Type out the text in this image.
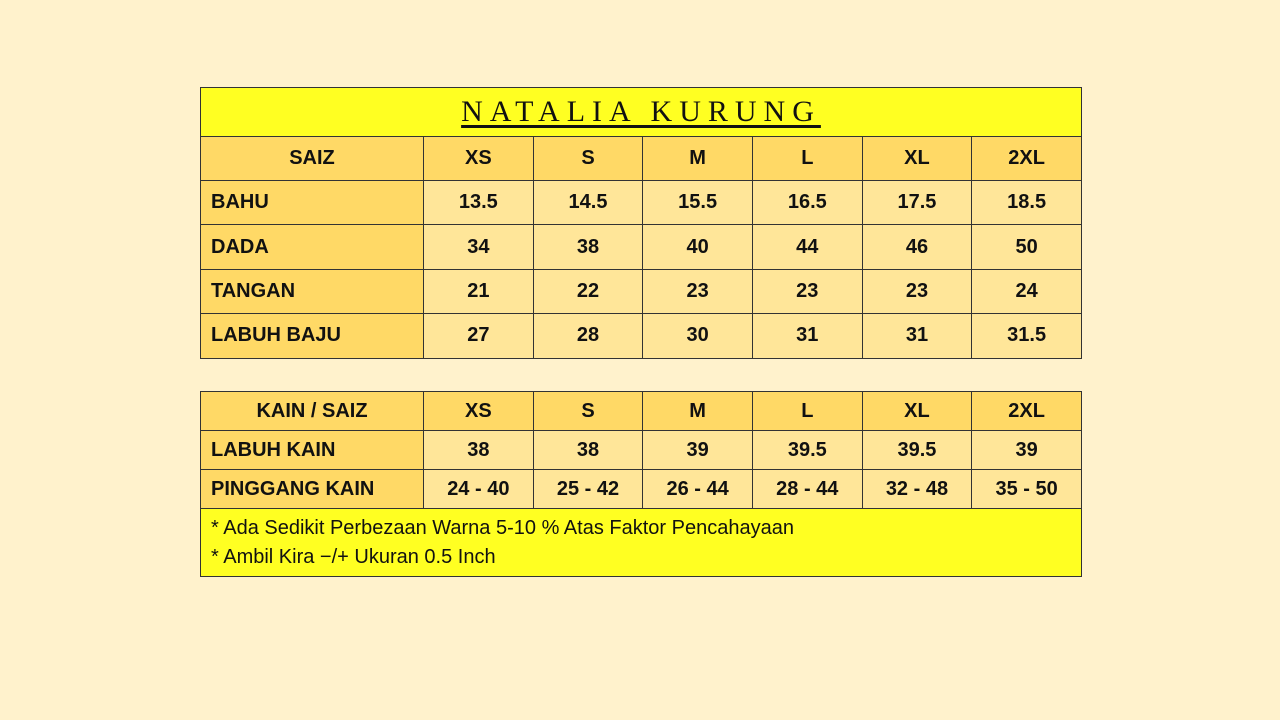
NATALIA KURUNG						
SAIZ	XS	S	M	L	XL	2XL
BAHU	13.5	14.5	15.5	16.5	17.5	18.5
DADA	34	38	40	44	46	50
TANGAN	21	22	23	23	23	24
LABUH BAJU	27	28	30	31	31	31.5
KAIN / SAIZ	XS	S	M	L	XL	2XL
LABUH KAIN	38	38	39	39.5	39.5	39
PINGGANG KAIN	24 - 40	25 - 42	26 - 44	28 - 44	32 - 48	35 - 50

* Ada Sedikit Perbezaan Warna 5-10 % Atas Faktor Pencahayaan
* Ambil Kira −/+ Ukuran 0.5 Inch						
